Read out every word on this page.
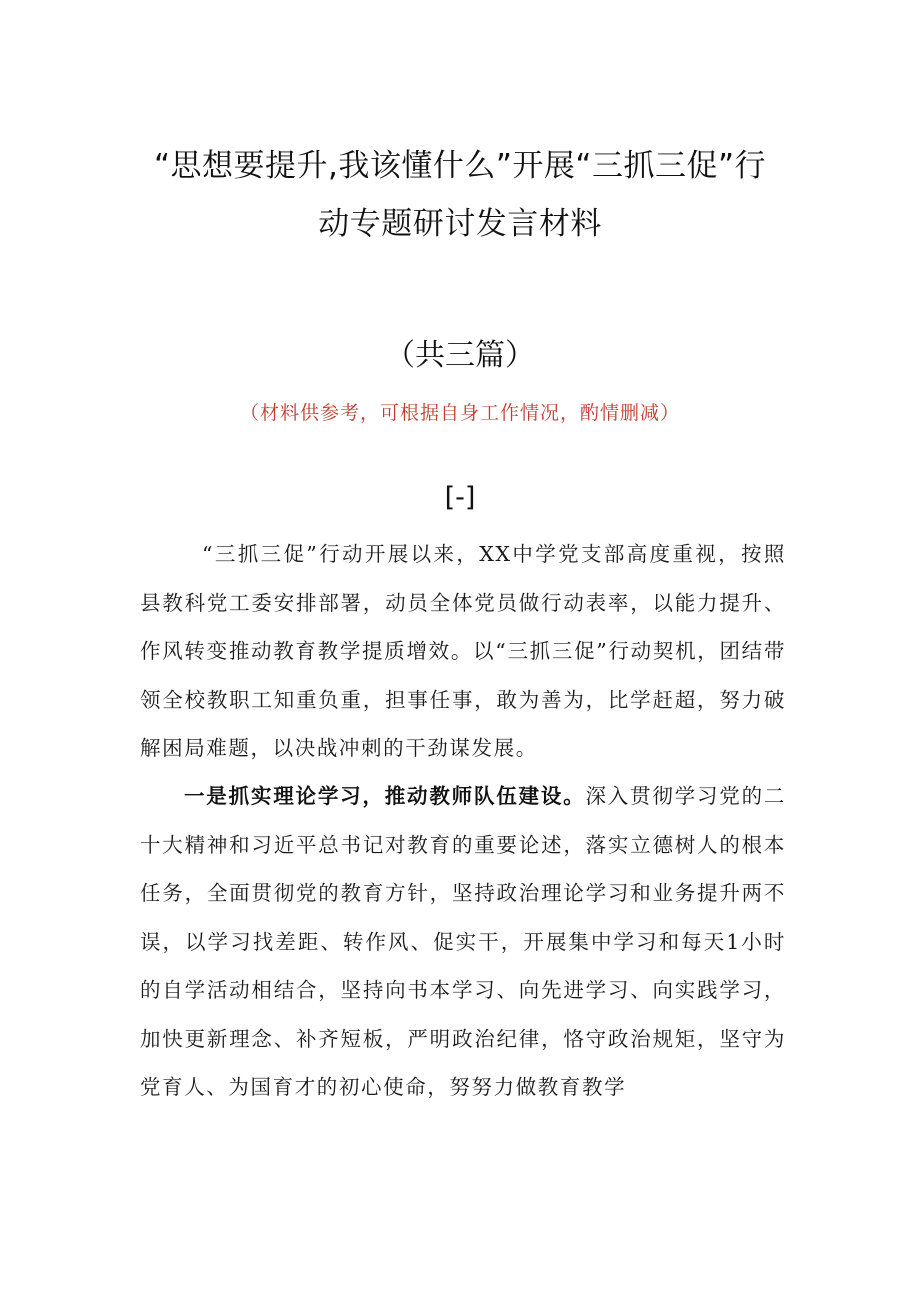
“思想要提升,我该懂什么”开展“三抓三促”行
动专题研讨发言材料
（共三篇）
（材料供参考，可根据自身工作情况，酌情删减）
[-]

“三抓三促”行动开展以来，XX中学党支部高度重视，按照县教科党工委安排部署，动员全体党员做行动表率，以能力提升、作风转变推动教育教学提质增效。以“三抓三促”行动契机，团结带领全校教职工知重负重，担事任事，敢为善为，比学赶超，努力破解困局难题，以决战冲刺的干劲谋发展。

一是抓实理论学习，推动教师队伍建设。深入贯彻学习党的二十大精神和习近平总书记对教育的重要论述，落实立德树人的根本任务，全面贯彻党的教育方针，坚持政治理论学习和业务提升两不误，以学习找差距、转作风、促实干，开展集中学习和每天1小时的自学活动相结合，坚持向书本学习、向先进学习、向实践学习，加快更新理念、补齐短板，严明政治纪律，恪守政治规矩，坚守为党育人、为国育才的初心使命，努努力做教育教学
